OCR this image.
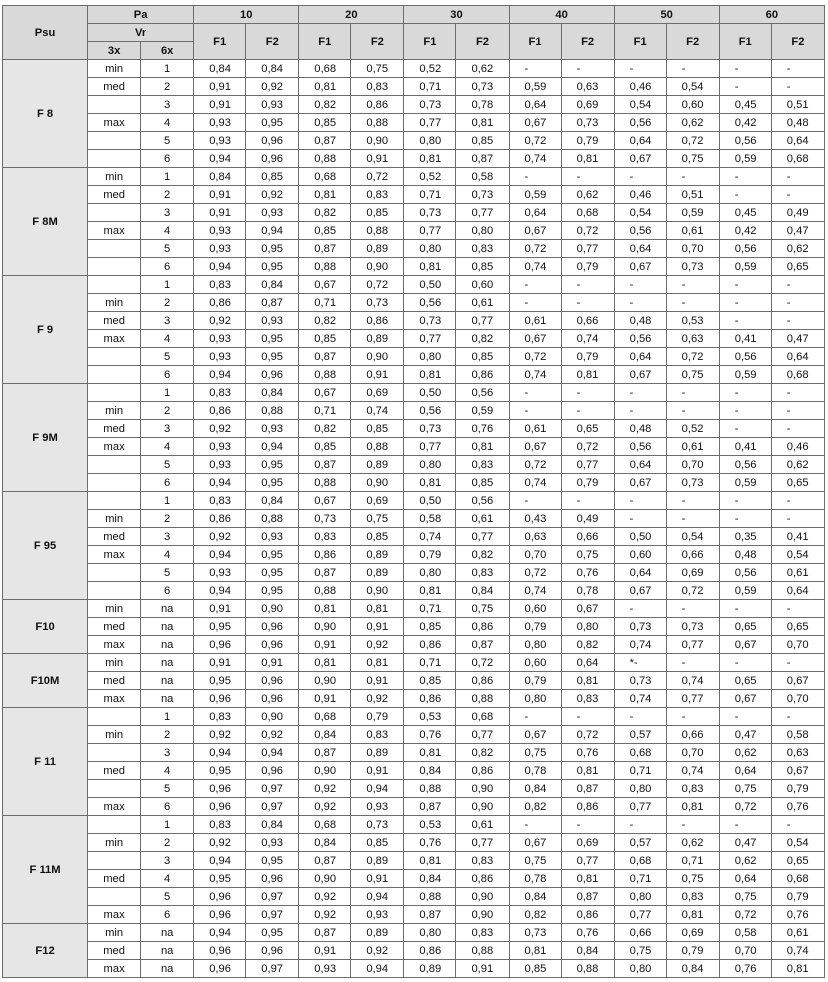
Psu	Pa		10		20		30		40		50		60	
	Vr		F1	F2	F1	F2	F1	F2	F1	F2	F1	F2	F1	F2
	3x	6x												
F 8	min	1	0,84	0,84	0,68	0,75	0,52	0,62	-	-	-	-	-	-
	med	2	0,91	0,92	0,81	0,83	0,71	0,73	0,59	0,63	0,46	0,54	-	-
		3	0,91	0,93	0,82	0,86	0,73	0,78	0,64	0,69	0,54	0,60	0,45	0,51
	max	4	0,93	0,95	0,85	0,88	0,77	0,81	0,67	0,73	0,56	0,62	0,42	0,48
		5	0,93	0,96	0,87	0,90	0,80	0,85	0,72	0,79	0,64	0,72	0,56	0,64
		6	0,94	0,96	0,88	0,91	0,81	0,87	0,74	0,81	0,67	0,75	0,59	0,68
F 8M	min	1	0,84	0,85	0,68	0,72	0,52	0,58	-	-	-	-	-	-
	med	2	0,91	0,92	0,81	0,83	0,71	0,73	0,59	0,62	0,46	0,51	-	-
		3	0,91	0,93	0,82	0,85	0,73	0,77	0,64	0,68	0,54	0,59	0,45	0,49
	max	4	0,93	0,94	0,85	0,88	0,77	0,80	0,67	0,72	0,56	0,61	0,42	0,47
		5	0,93	0,95	0,87	0,89	0,80	0,83	0,72	0,77	0,64	0,70	0,56	0,62
		6	0,94	0,95	0,88	0,90	0,81	0,85	0,74	0,79	0,67	0,73	0,59	0,65
F 9		1	0,83	0,84	0,67	0,72	0,50	0,60	-	-	-	-	-	-
	min	2	0,86	0,87	0,71	0,73	0,56	0,61	-	-	-	-	-	-
	med	3	0,92	0,93	0,82	0,86	0,73	0,77	0,61	0,66	0,48	0,53	-	-
	max	4	0,93	0,95	0,85	0,89	0,77	0,82	0,67	0,74	0,56	0,63	0,41	0,47
		5	0,93	0,95	0,87	0,90	0,80	0,85	0,72	0,79	0,64	0,72	0,56	0,64
		6	0,94	0,96	0,88	0,91	0,81	0,86	0,74	0,81	0,67	0,75	0,59	0,68
F 9M		1	0,83	0,84	0,67	0,69	0,50	0,56	-	-	-	-	-	-
	min	2	0,86	0,88	0,71	0,74	0,56	0,59	-	-	-	-	-	-
	med	3	0,92	0,93	0,82	0,85	0,73	0,76	0,61	0,65	0,48	0,52	-	-
	max	4	0,93	0,94	0,85	0,88	0,77	0,81	0,67	0,72	0,56	0,61	0,41	0,46
		5	0,93	0,95	0,87	0,89	0,80	0,83	0,72	0,77	0,64	0,70	0,56	0,62
		6	0,94	0,95	0,88	0,90	0,81	0,85	0,74	0,79	0,67	0,73	0,59	0,65
F 95		1	0,83	0,84	0,67	0,69	0,50	0,56	-	-	-	-	-	-
	min	2	0,86	0,88	0,73	0,75	0,58	0,61	0,43	0,49	-	-	-	-
	med	3	0,92	0,93	0,83	0,85	0,74	0,77	0,63	0,66	0,50	0,54	0,35	0,41
	max	4	0,94	0,95	0,86	0,89	0,79	0,82	0,70	0,75	0,60	0,66	0,48	0,54
		5	0,93	0,95	0,87	0,89	0,80	0,83	0,72	0,76	0,64	0,69	0,56	0,61
		6	0,94	0,95	0,88	0,90	0,81	0,84	0,74	0,78	0,67	0,72	0,59	0,64
F10	min	na	0,91	0,90	0,81	0,81	0,71	0,75	0,60	0,67	-	-	-	-
	med	na	0,95	0,96	0,90	0,91	0,85	0,86	0,79	0,80	0,73	0,73	0,65	0,65
	max	na	0,96	0,96	0,91	0,92	0,86	0,87	0,80	0,82	0,74	0,77	0,67	0,70
F10M	min	na	0,91	0,91	0,81	0,81	0,71	0,72	0,60	0,64	*-	-	-	-
	med	na	0,95	0,96	0,90	0,91	0,85	0,86	0,79	0,81	0,73	0,74	0,65	0,67
	max	na	0,96	0,96	0,91	0,92	0,86	0,88	0,80	0,83	0,74	0,77	0,67	0,70
F 11		1	0,83	0,90	0,68	0,79	0,53	0,68	-	-	-	-	-	-
	min	2	0,92	0,92	0,84	0,83	0,76	0,77	0,67	0,72	0,57	0,66	0,47	0,58
		3	0,94	0,94	0,87	0,89	0,81	0,82	0,75	0,76	0,68	0,70	0,62	0,63
	med	4	0,95	0,96	0,90	0,91	0,84	0,86	0,78	0,81	0,71	0,74	0,64	0,67
		5	0,96	0,97	0,92	0,94	0,88	0,90	0,84	0,87	0,80	0,83	0,75	0,79
	max	6	0,96	0,97	0,92	0,93	0,87	0,90	0,82	0,86	0,77	0,81	0,72	0,76
F 11M		1	0,83	0,84	0,68	0,73	0,53	0,61	-	-	-	-	-	-
	min	2	0,92	0,93	0,84	0,85	0,76	0,77	0,67	0,69	0,57	0,62	0,47	0,54
		3	0,94	0,95	0,87	0,89	0,81	0,83	0,75	0,77	0,68	0,71	0,62	0,65
	med	4	0,95	0,96	0,90	0,91	0,84	0,86	0,78	0,81	0,71	0,75	0,64	0,68
		5	0,96	0,97	0,92	0,94	0,88	0,90	0,84	0,87	0,80	0,83	0,75	0,79
	max	6	0,96	0,97	0,92	0,93	0,87	0,90	0,82	0,86	0,77	0,81	0,72	0,76
F12	min	na	0,94	0,95	0,87	0,89	0,80	0,83	0,73	0,76	0,66	0,69	0,58	0,61
	med	na	0,96	0,96	0,91	0,92	0,86	0,88	0,81	0,84	0,75	0,79	0,70	0,74
	max	na	0,96	0,97	0,93	0,94	0,89	0,91	0,85	0,88	0,80	0,84	0,76	0,81
